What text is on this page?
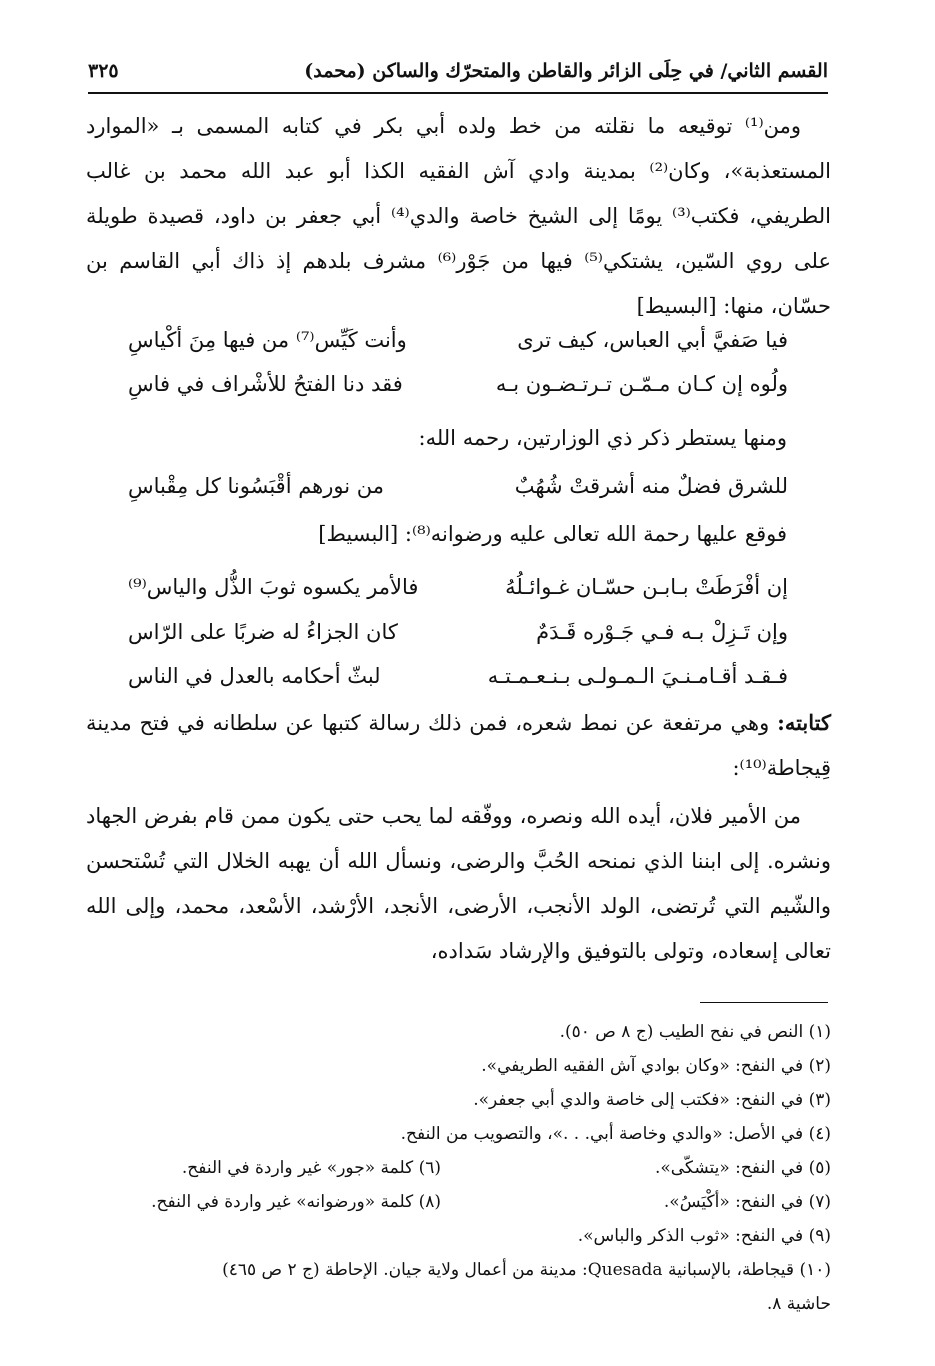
القسم الثاني/ في حِلَى الزائر والقاطن والمتحرّك والساكن (محمد)
٣٢٥

ومن⁽¹⁾ توقيعه ما نقلته من خط ولده أبي بكر في كتابه المسمى بـ «الموارد المستعذبة»، وكان⁽²⁾ بمدينة وادي آش الفقيه الكذا أبو عبد الله محمد بن غالب الطريفي، فكتب⁽³⁾ يومًا إلى الشيخ خاصة والدي⁽⁴⁾ أبي جعفر بن داود، قصيدة طويلة على روي السّين، يشتكي⁽⁵⁾ فيها من جَوْر⁽⁶⁾ مشرف بلدهم إذ ذاك أبي القاسم بن حسّان، منها: [البسيط]

فيا صَفيَّ أبي العباس، كيف ترى
وأنت كَيِّس⁽⁷⁾ من فيها مِنَ أكْياسِ
ولُوه إن كـان مـمّـن تـرتـضـون بـه
فقد دنا الفتحُ للأشْراف في فاسِ
ومنها يستطر ذكر ذي الوزارتين، رحمه الله:
للشرق فضلٌ منه أشرقتْ شُهُبٌ
من نورهم أقْبَسُونا كل مِقْباسِ
فوقع عليها رحمة الله تعالى عليه ورضوانه⁽⁸⁾: [البسيط]
إن أفْرَطَتْ بـابـن حسّـان غـوائـلُهُ
فالأمر يكسوه ثوبَ الذُّل والياس⁽⁹⁾
وإن تَـزِلْ بـه فـي جَـوْره قَـدَمٌ
كان الجزاءُ له ضربًا على الرّاس
فـقـد أقـامـنـيَ الـمـولـى بـنـعـمـتـه
لبثّ أحكامه بالعدل في الناس
كتابته: وهي مرتفعة عن نمط شعره، فمن ذلك رسالة كتبها عن سلطانه في فتح مدينة قِيجاطة⁽¹⁰⁾:

من الأمير فلان، أيده الله ونصره، ووفّقه لما يحب حتى يكون ممن قام بفرض الجهاد ونشره. إلى ابننا الذي نمنحه الحُبَّ والرضى، ونسأل الله أن يهبه الخلال التي تُسْتحسن والشّيم التي تُرتضى، الولد الأنجب، الأرضى، الأنجد، الأرْشد، الأسْعد، محمد، وإلى الله تعالى إسعاده، وتولى بالتوفيق والإرشاد سَداده،

(١) النص في نفح الطيب (ج ٨ ص ٥٠).
(٢) في النفح: «وكان بوادي آش الفقيه الطريفي».
(٣) في النفح: «فكتب إلى خاصة والدي أبي جعفر».
(٤) في الأصل: «والدي وخاصة أبي. . .»، والتصويب من النفح.
(٥) في النفح: «يتشكّى».
(٦) كلمة «جور» غير واردة في النفح.
(٧) في النفح: «أكْيَسُ».
(٨) كلمة «ورضوانه» غير واردة في النفح.
(٩) في النفح: «ثوب الذكر والباس».
(١٠) قيجاطة، بالإسبانية Quesada: مدينة من أعمال ولاية جيان. الإحاطة (ج ٢ ص ٤٦٥)
حاشية ٨.
